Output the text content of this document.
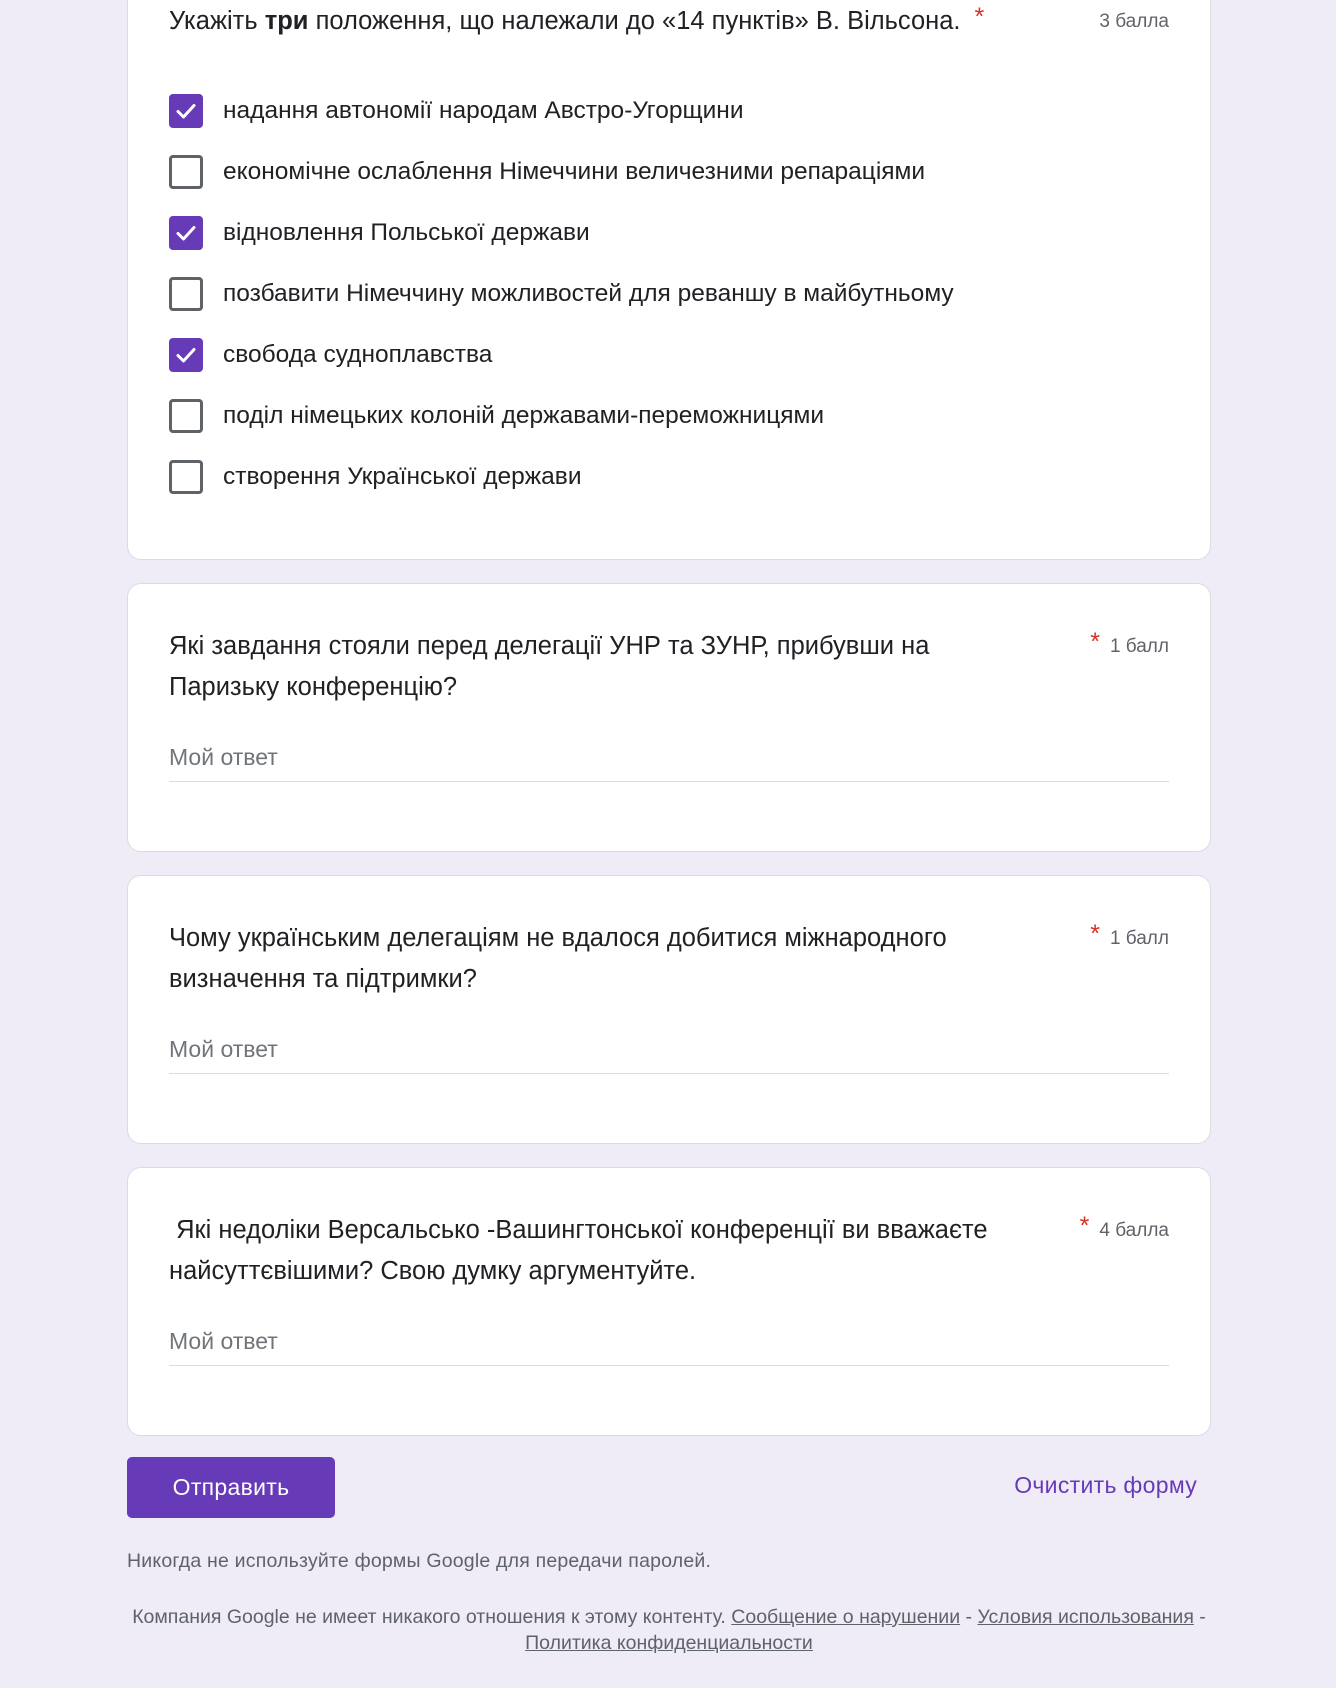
Укажіть три положення, що належали до «14 пунктів» В. Вільсона. *	3 балла
надання автономії народам Австро-Угорщини
економічне ослаблення Німеччини величезними репараціями
відновлення Польської держави
позбавити Німеччину можливостей для реваншу в майбутньому
свобода судноплавства
поділ німецьких колоній державами-переможницями
створення Української держави
Які завдання стояли перед делегації УНР та ЗУНР, прибувши на Паризьку конференцію?
* 1 балл
Мой ответ
Чому українським делегаціям не вдалося добитися міжнародного визначення та підтримки?
* 1 балл
Мой ответ
Які недоліки Версальсько -Вашингтонської конференції ви вважаєте найсуттєвішими? Свою думку аргументуйте.
* 4 балла
Мой ответ
Отправить	Очистить форму
Никогда не используйте формы Google для передачи паролей.
Компания Google не имеет никакого отношения к этому контенту. Сообщение о нарушении - Условия использования - Политика конфиденциальности
